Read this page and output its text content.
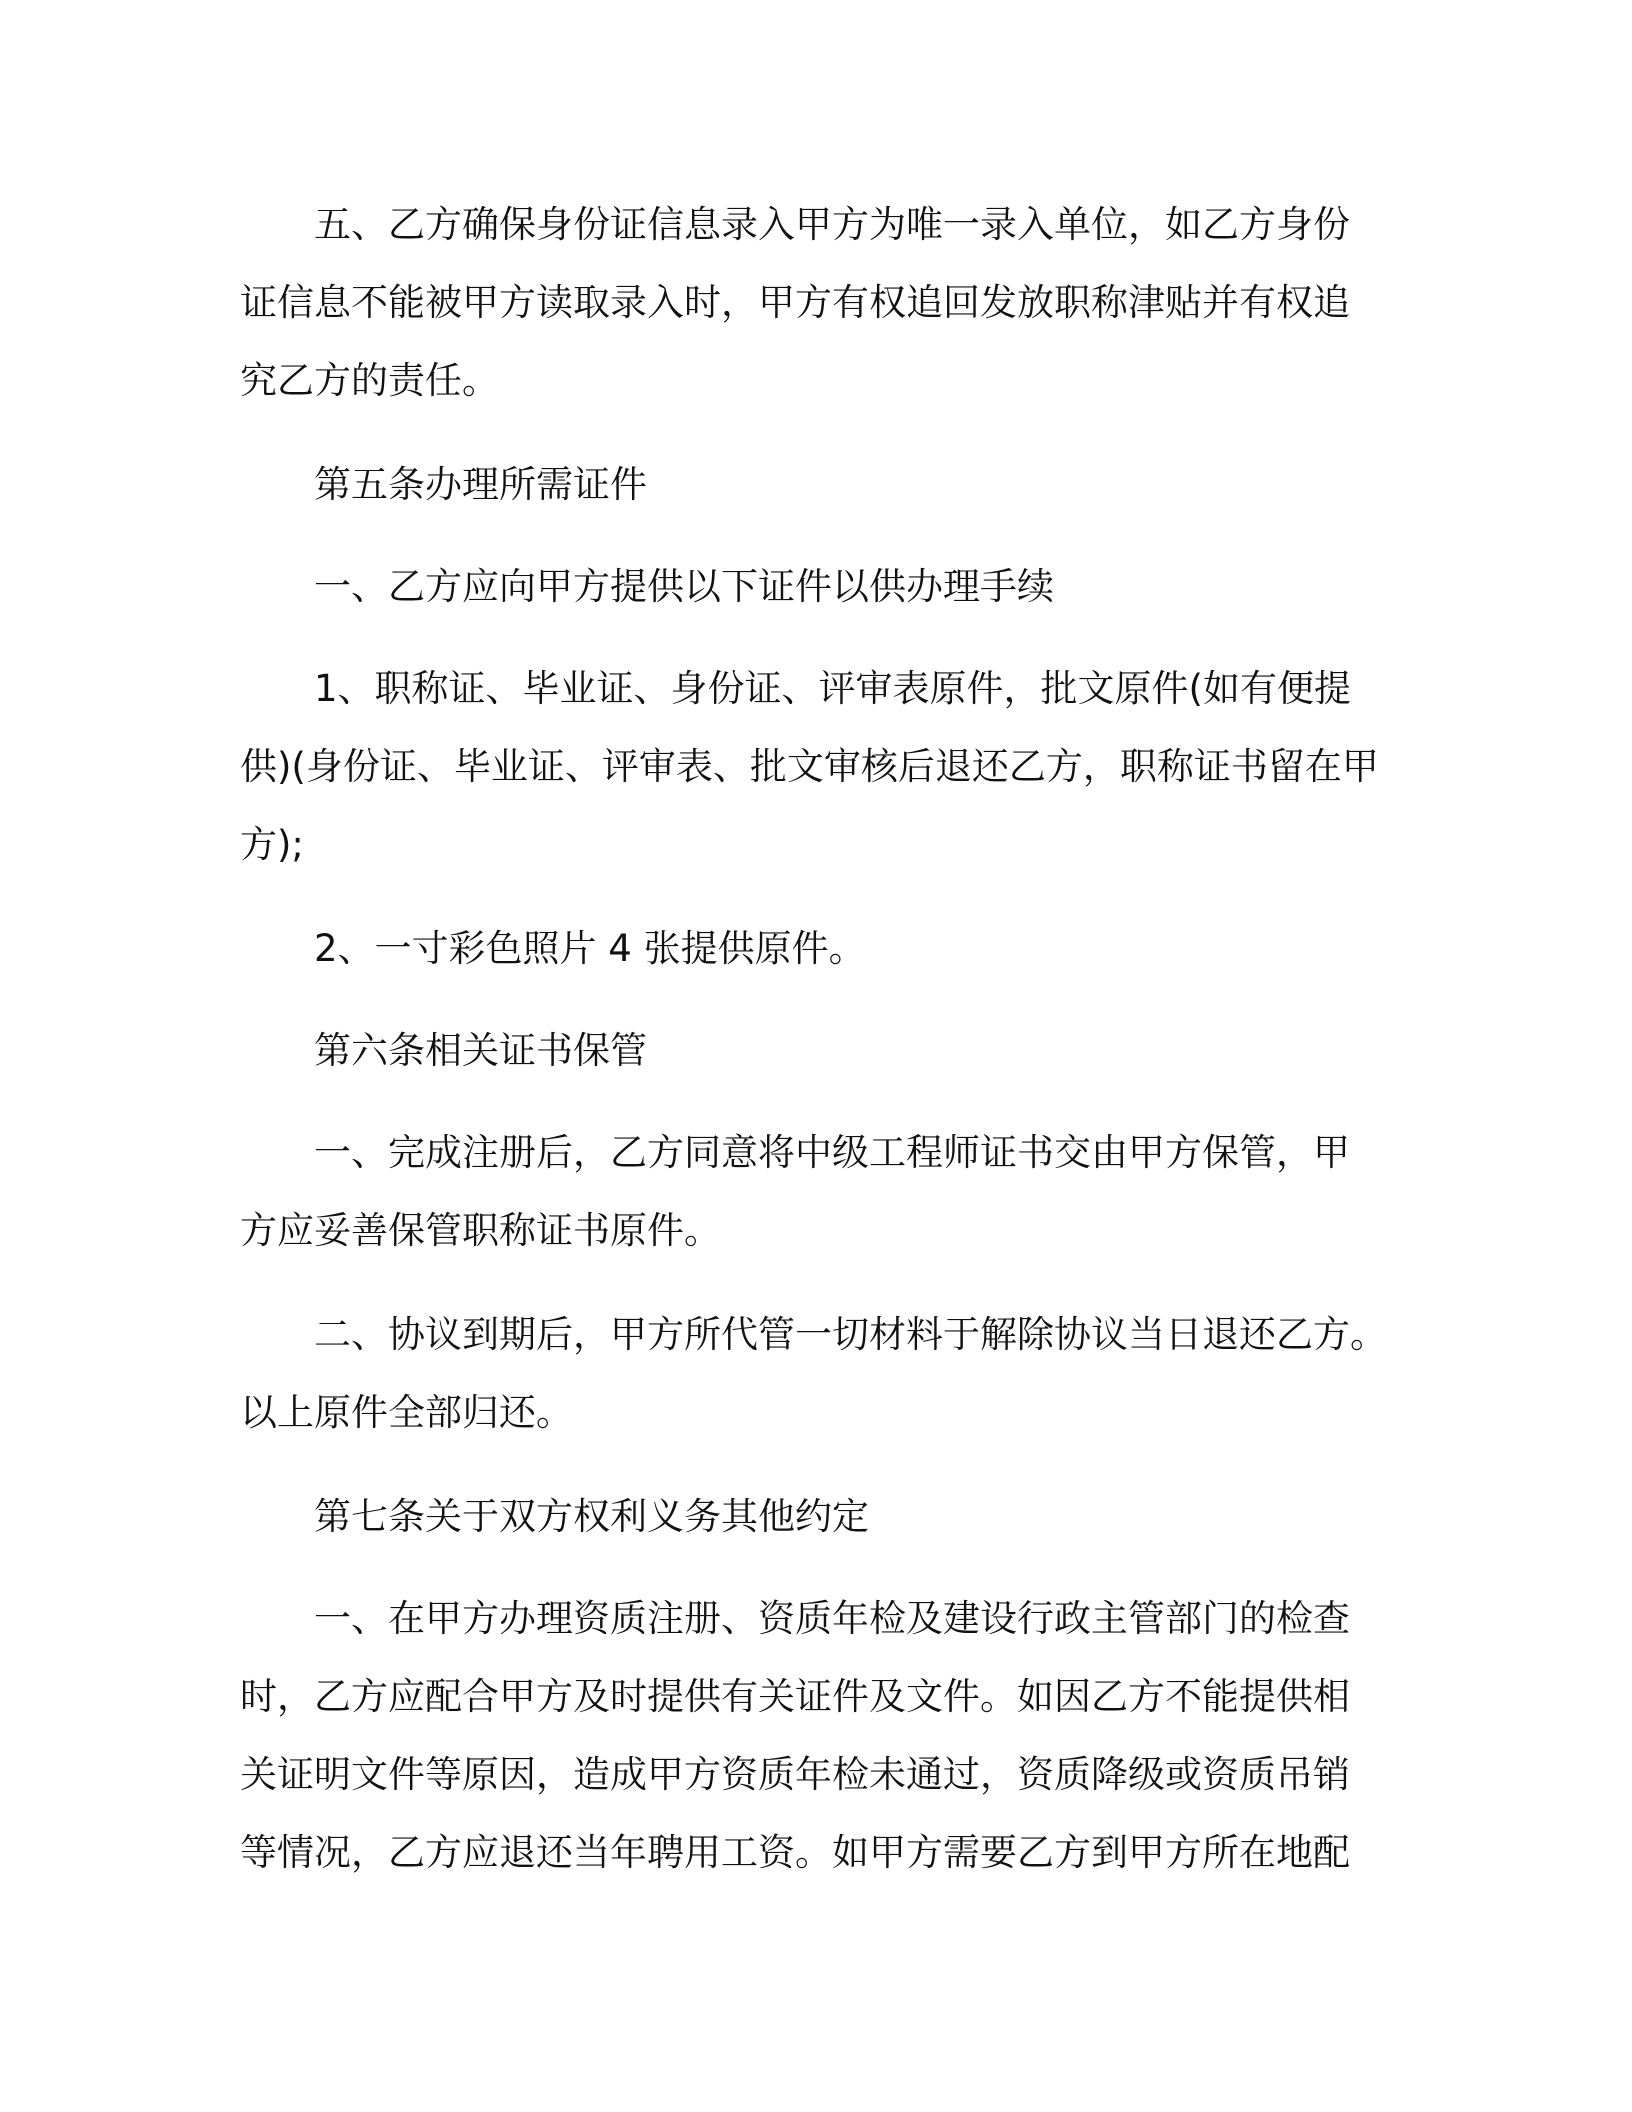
五、乙方确保身份证信息录入甲方为唯一录入单位，如乙方身份
证信息不能被甲方读取录入时，甲方有权追回发放职称津贴并有权追
究乙方的责任。
第五条办理所需证件
一、乙方应向甲方提供以下证件以供办理手续
1、职称证、毕业证、身份证、评审表原件，批文原件(如有便提
供)(身份证、毕业证、评审表、批文审核后退还乙方，职称证书留在甲
方);
2、一寸彩色照片 4 张提供原件。
第六条相关证书保管
一、完成注册后，乙方同意将中级工程师证书交由甲方保管，甲
方应妥善保管职称证书原件。
二、协议到期后，甲方所代管一切材料于解除协议当日退还乙方。
以上原件全部归还。
第七条关于双方权利义务其他约定
一、在甲方办理资质注册、资质年检及建设行政主管部门的检查
时，乙方应配合甲方及时提供有关证件及文件。如因乙方不能提供相
关证明文件等原因，造成甲方资质年检未通过，资质降级或资质吊销
等情况，乙方应退还当年聘用工资。如甲方需要乙方到甲方所在地配
